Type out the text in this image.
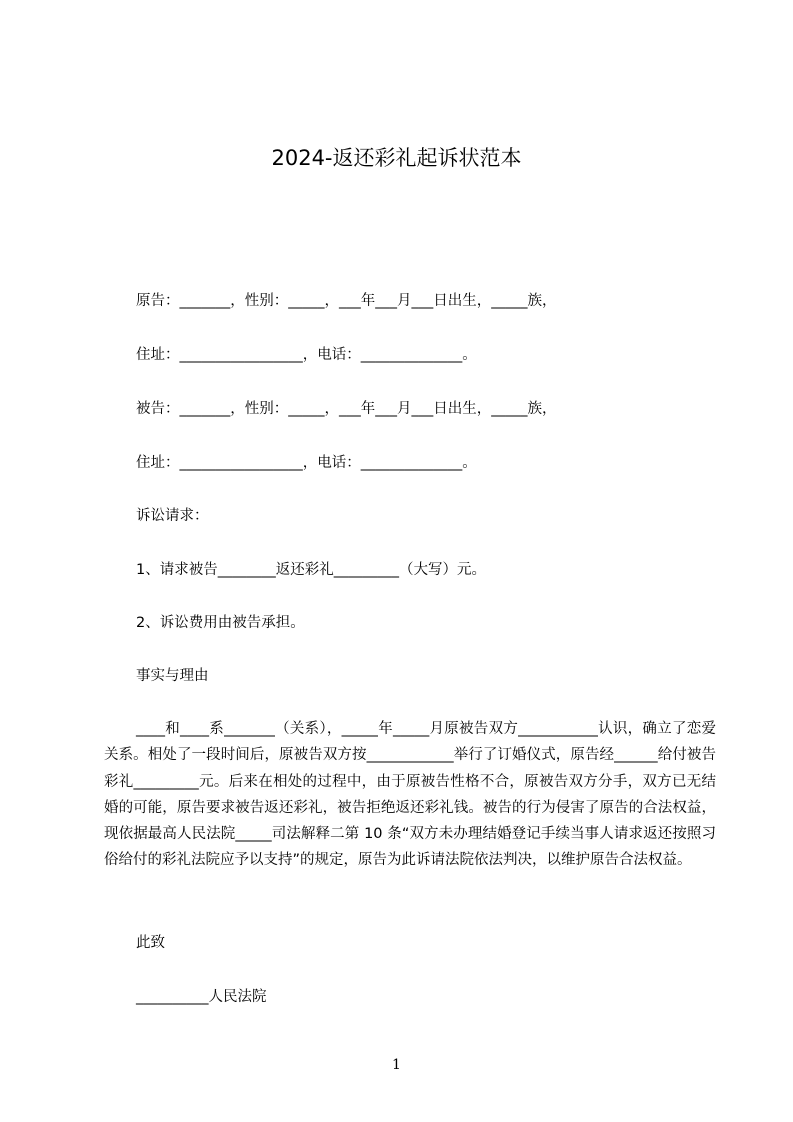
2024-返还彩礼起诉状范本
原告：_______，性别：_____，___年___月___日出生，_____族，
住址：_________________，电话：______________。
被告：_______，性别：_____，___年___月___日出生，_____族，
住址：_________________，电话：______________。
诉讼请求：
1、请求被告________返还彩礼_________（大写）元。
2、诉讼费用由被告承担。
事实与理由
____和____系_______（关系），_____年_____月原被告双方___________认识，确立了恋爱关系。相处了一段时间后，原被告双方按____________举行了订婚仪式，原告经______给付被告彩礼_________元。后来在相处的过程中，由于原被告性格不合，原被告双方分手，双方已无结婚的可能，原告要求被告返还彩礼，被告拒绝返还彩礼钱。被告的行为侵害了原告的合法权益，现依据最高人民法院_____司法解释二第 10 条“双方未办理结婚登记手续当事人请求返还按照习俗给付的彩礼法院应予以支持”的规定，原告为此诉请法院依法判决，以维护原告合法权益。
此致
__________人民法院
1
